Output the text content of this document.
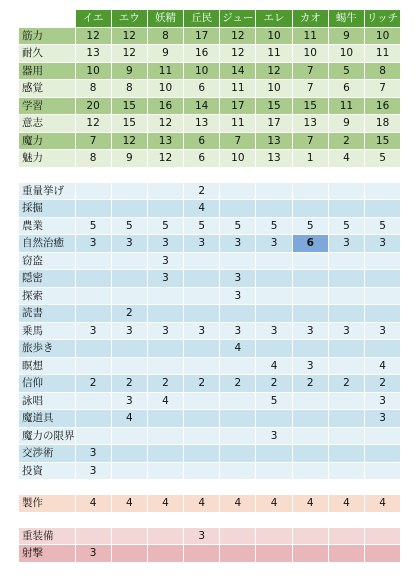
	イエ	エウ	妖精	丘民	ジュー	エレ	カオ	蜴牛	リッチ
筋力	12	12	8	17	12	10	11	9	10
耐久	13	12	9	16	12	11	10	10	11
器用	10	9	11	10	14	12	7	5	8
感覚	8	8	10	6	11	10	7	6	7
学習	20	15	16	14	17	15	15	11	16
意志	12	15	12	13	11	17	13	9	18
魔力	7	12	13	6	7	13	7	2	15
魅力	8	9	12	6	10	13	1	4	5

重量挙げ				2					
採掘				4					
農業	5	5	5	5	5	5	5	5	5
自然治癒	3	3	3	3	3	3	6	3	3
窃盗			3						
隠密			3		3				
探索					3				
読書		2							
乗馬	3	3	3	3	3	3	3	3	3
旅歩き					4				
瞑想						4	3		4
信仰	2	2	2	2	2	2	2	2	2
詠唱		3	4			5			3
魔道具		4							3
魔力の限界						3			
交渉術	3								
投資	3								

製作	4	4	4	4	4	4	4	4	4

重装備				3					
射撃	3								
